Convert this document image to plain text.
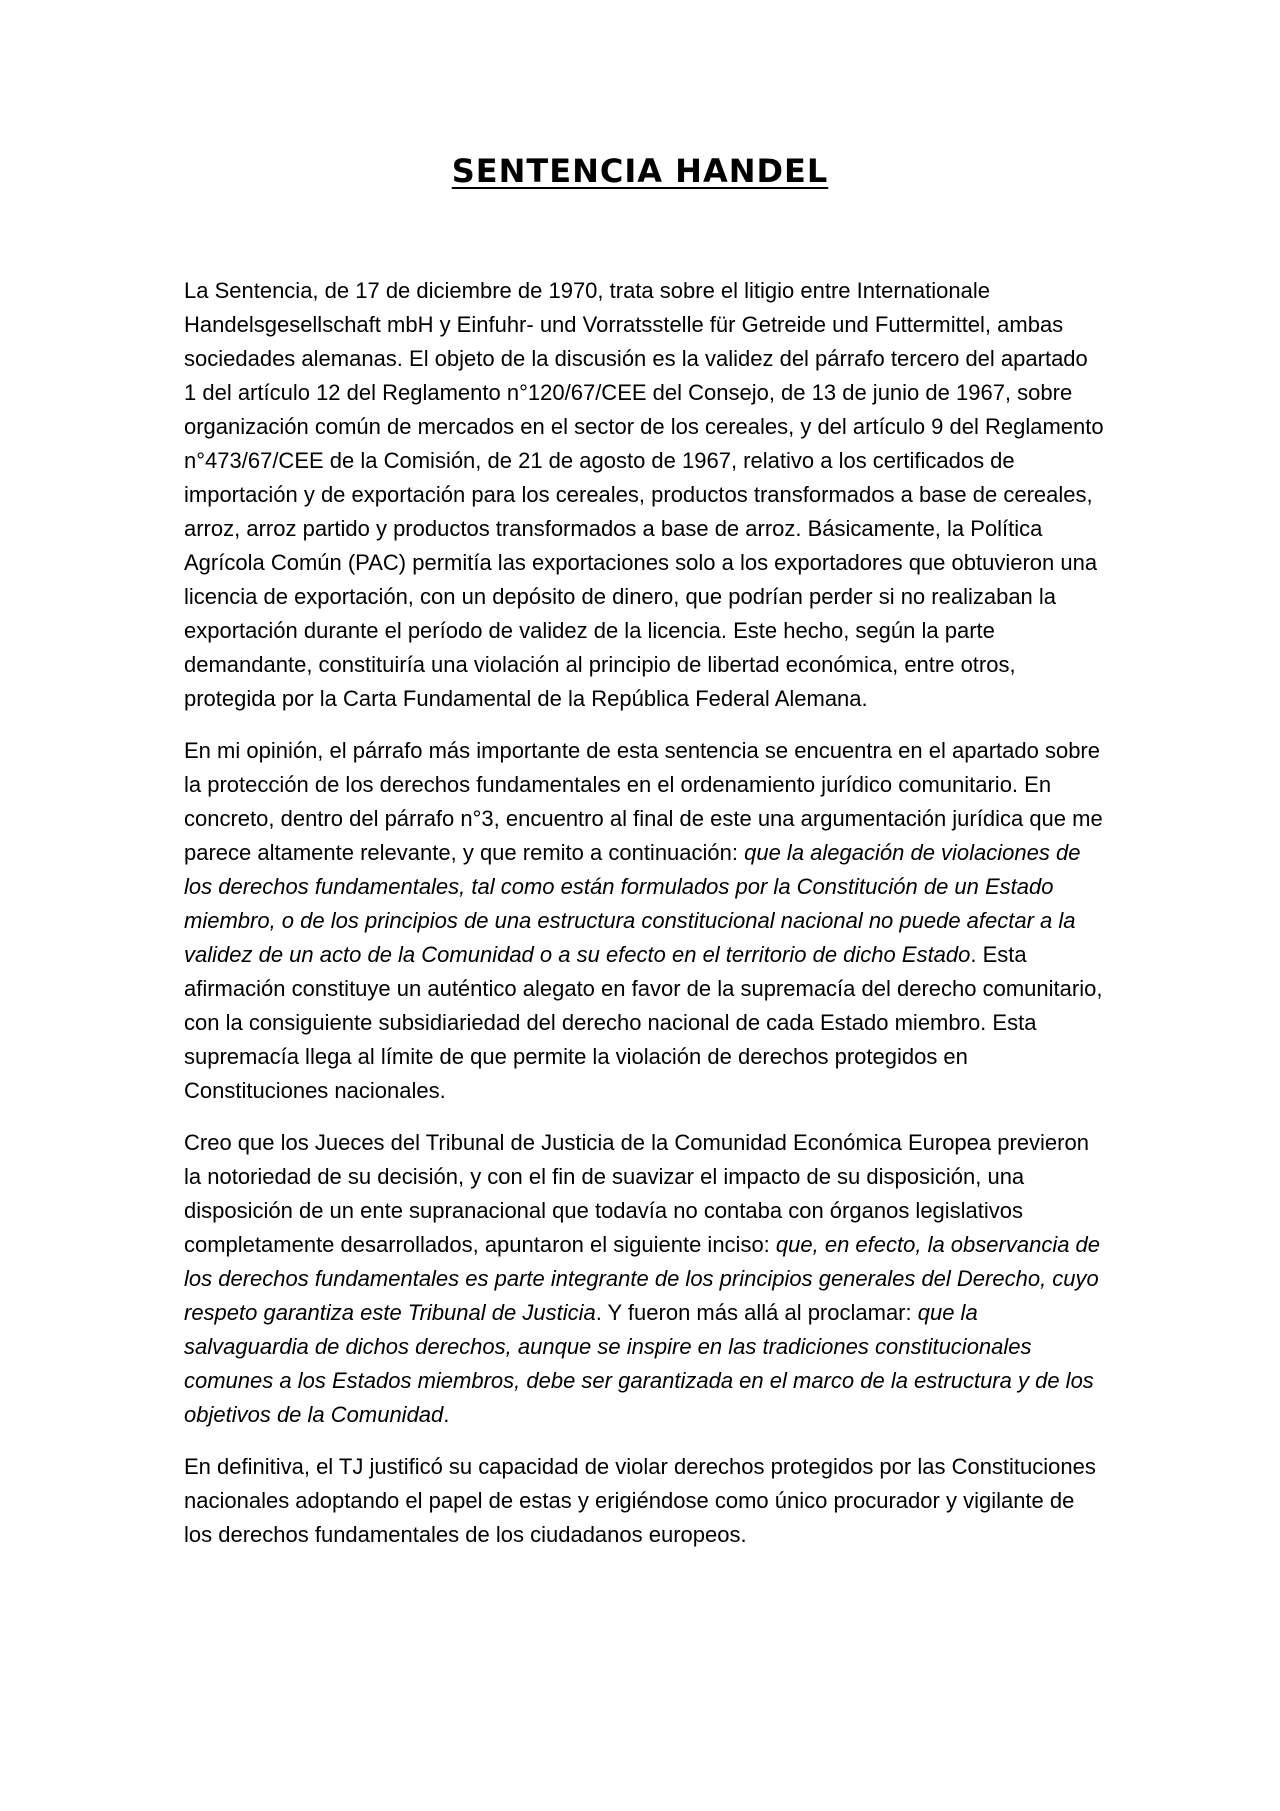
SENTENCIA HANDEL

La Sentencia, de 17 de diciembre de 1970, trata sobre el litigio entre Internationale Handelsgesellschaft mbH y Einfuhr- und Vorratsstelle für Getreide und Futtermittel, ambas sociedades alemanas. El objeto de la discusión es la validez del párrafo tercero del apartado 1 del artículo 12 del Reglamento n°120/67/CEE del Consejo, de 13 de junio de 1967, sobre organización común de mercados en el sector de los cereales, y del artículo 9 del Reglamento n°473/67/CEE de la Comisión, de 21 de agosto de 1967, relativo a los certificados de importación y de exportación para los cereales, productos transformados a base de cereales, arroz, arroz partido y productos transformados a base de arroz. Básicamente, la Política Agrícola Común (PAC) permitía las exportaciones solo a los exportadores que obtuvieron una licencia de exportación, con un depósito de dinero, que podrían perder si no realizaban la exportación durante el período de validez de la licencia. Este hecho, según la parte demandante, constituiría una violación al principio de libertad económica, entre otros, protegida por la Carta Fundamental de la República Federal Alemana.

En mi opinión, el párrafo más importante de esta sentencia se encuentra en el apartado sobre la protección de los derechos fundamentales en el ordenamiento jurídico comunitario. En concreto, dentro del párrafo n°3, encuentro al final de este una argumentación jurídica que me parece altamente relevante, y que remito a continuación: que la alegación de violaciones de los derechos fundamentales, tal como están formulados por la Constitución de un Estado miembro, o de los principios de una estructura constitucional nacional no puede afectar a la validez de un acto de la Comunidad o a su efecto en el territorio de dicho Estado. Esta afirmación constituye un auténtico alegato en favor de la supremacía del derecho comunitario, con la consiguiente subsidiariedad del derecho nacional de cada Estado miembro. Esta supremacía llega al límite de que permite la violación de derechos protegidos en Constituciones nacionales.

Creo que los Jueces del Tribunal de Justicia de la Comunidad Económica Europea previeron la notoriedad de su decisión, y con el fin de suavizar el impacto de su disposición, una disposición de un ente supranacional que todavía no contaba con órganos legislativos completamente desarrollados, apuntaron el siguiente inciso: que, en efecto, la observancia de los derechos fundamentales es parte integrante de los principios generales del Derecho, cuyo respeto garantiza este Tribunal de Justicia. Y fueron más allá al proclamar: que la salvaguardia de dichos derechos, aunque se inspire en las tradiciones constitucionales comunes a los Estados miembros, debe ser garantizada en el marco de la estructura y de los objetivos de la Comunidad.

En definitiva, el TJ justificó su capacidad de violar derechos protegidos por las Constituciones nacionales adoptando el papel de estas y erigiéndose como único procurador y vigilante de los derechos fundamentales de los ciudadanos europeos.
